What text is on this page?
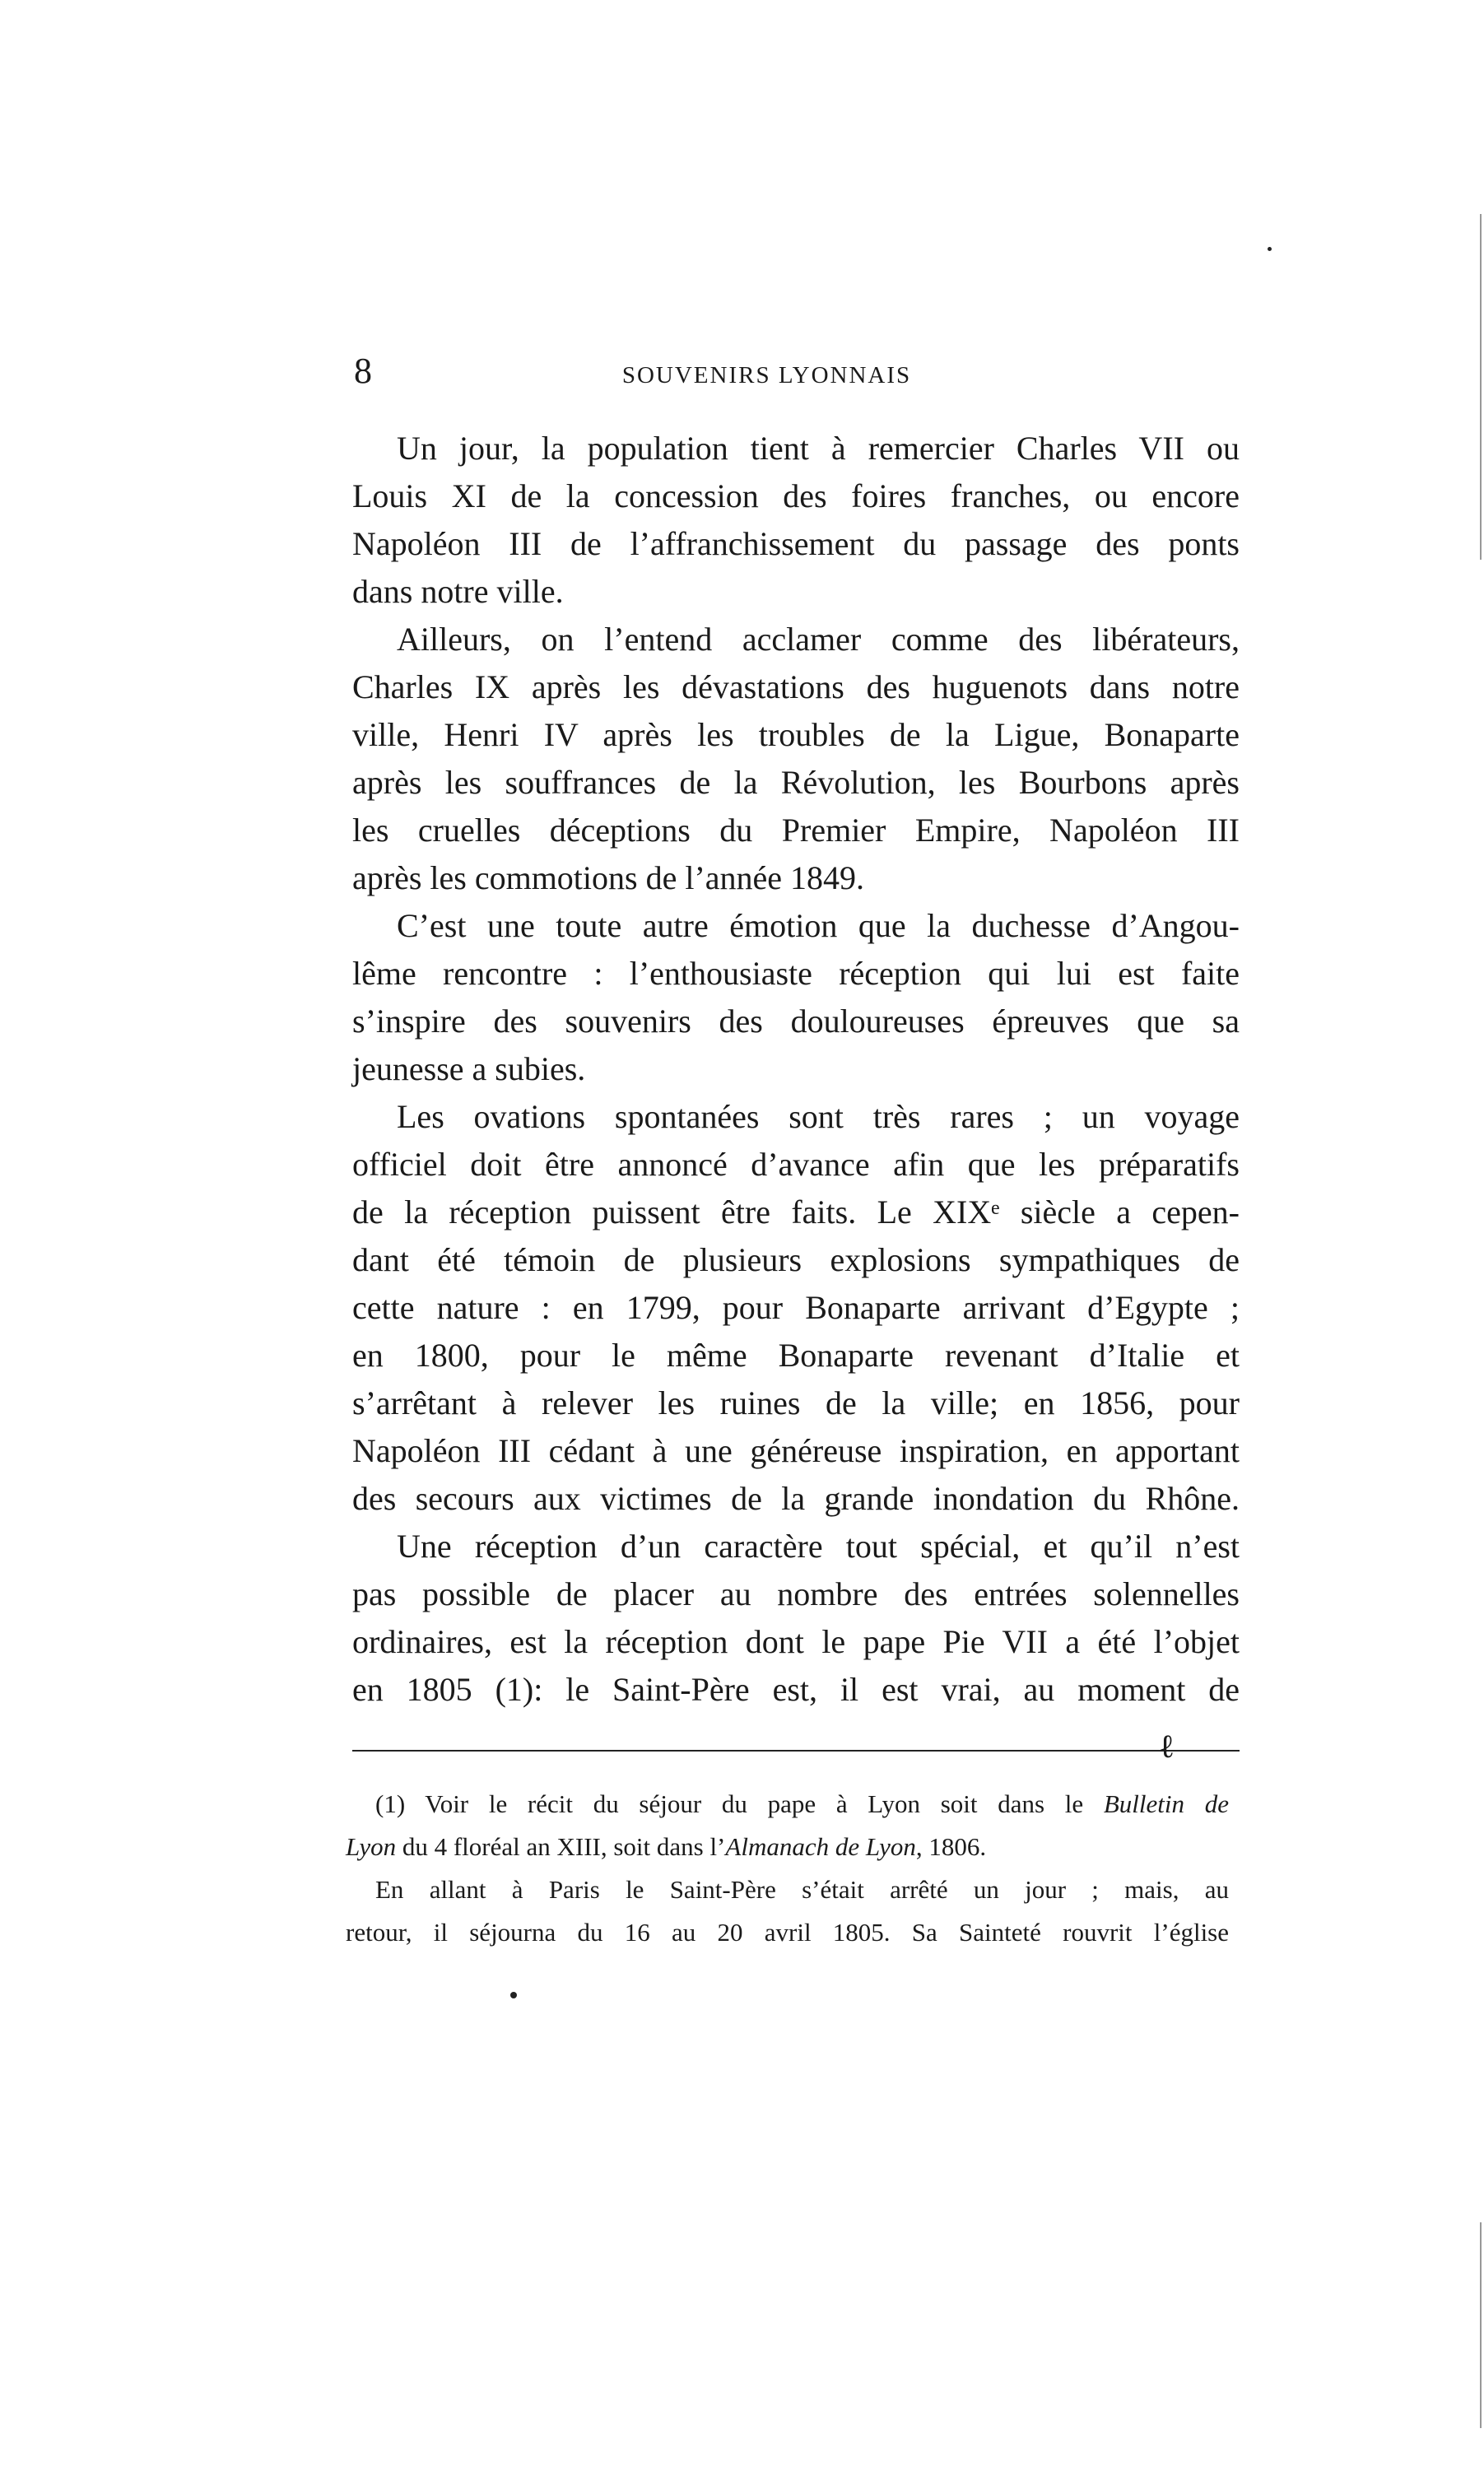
8	SOUVENIRS LYONNAIS
Un jour, la population tient à remercier Charles VII ou
Louis XI de la concession des foires franches, ou encore
Napoléon III de l’affranchissement du passage des ponts
dans notre ville.
Ailleurs, on l’entend acclamer comme des libérateurs,
Charles IX après les dévastations des huguenots dans notre
ville, Henri IV après les troubles de la Ligue, Bonaparte
après les souffrances de la Révolution, les Bourbons après
les cruelles déceptions du Premier Empire, Napoléon III
après les commotions de l’année 1849.
C’est une toute autre émotion que la duchesse d’Angou-
lême rencontre : l’enthousiaste réception qui lui est faite
s’inspire des souvenirs des douloureuses épreuves que sa
jeunesse a subies.
Les ovations spontanées sont très rares ; un voyage
officiel doit être annoncé d’avance afin que les préparatifs
de la réception puissent être faits. Le XIXᵉ siècle a cepen-
dant été témoin de plusieurs explosions sympathiques de
cette nature : en 1799, pour Bonaparte arrivant d’Egypte ;
en 1800, pour le même Bonaparte revenant d’Italie et
s’arrêtant à relever les ruines de la ville; en 1856, pour
Napoléon III cédant à une généreuse inspiration, en apportant
des secours aux victimes de la grande inondation du Rhône.
Une réception d’un caractère tout spécial, et qu’il n’est
pas possible de placer au nombre des entrées solennelles
ordinaires, est la réception dont le pape Pie VII a été l’objet
en 1805 (1): le Saint-Père est, il est vrai, au moment de
ℓ
(1) Voir le récit du séjour du pape à Lyon soit dans le Bulletin de
Lyon du 4 floréal an XIII, soit dans l’Almanach de Lyon, 1806.
En allant à Paris le Saint-Père s’était arrêté un jour ; mais, au
retour, il séjourna du 16 au 20 avril 1805. Sa Sainteté rouvrit l’église
